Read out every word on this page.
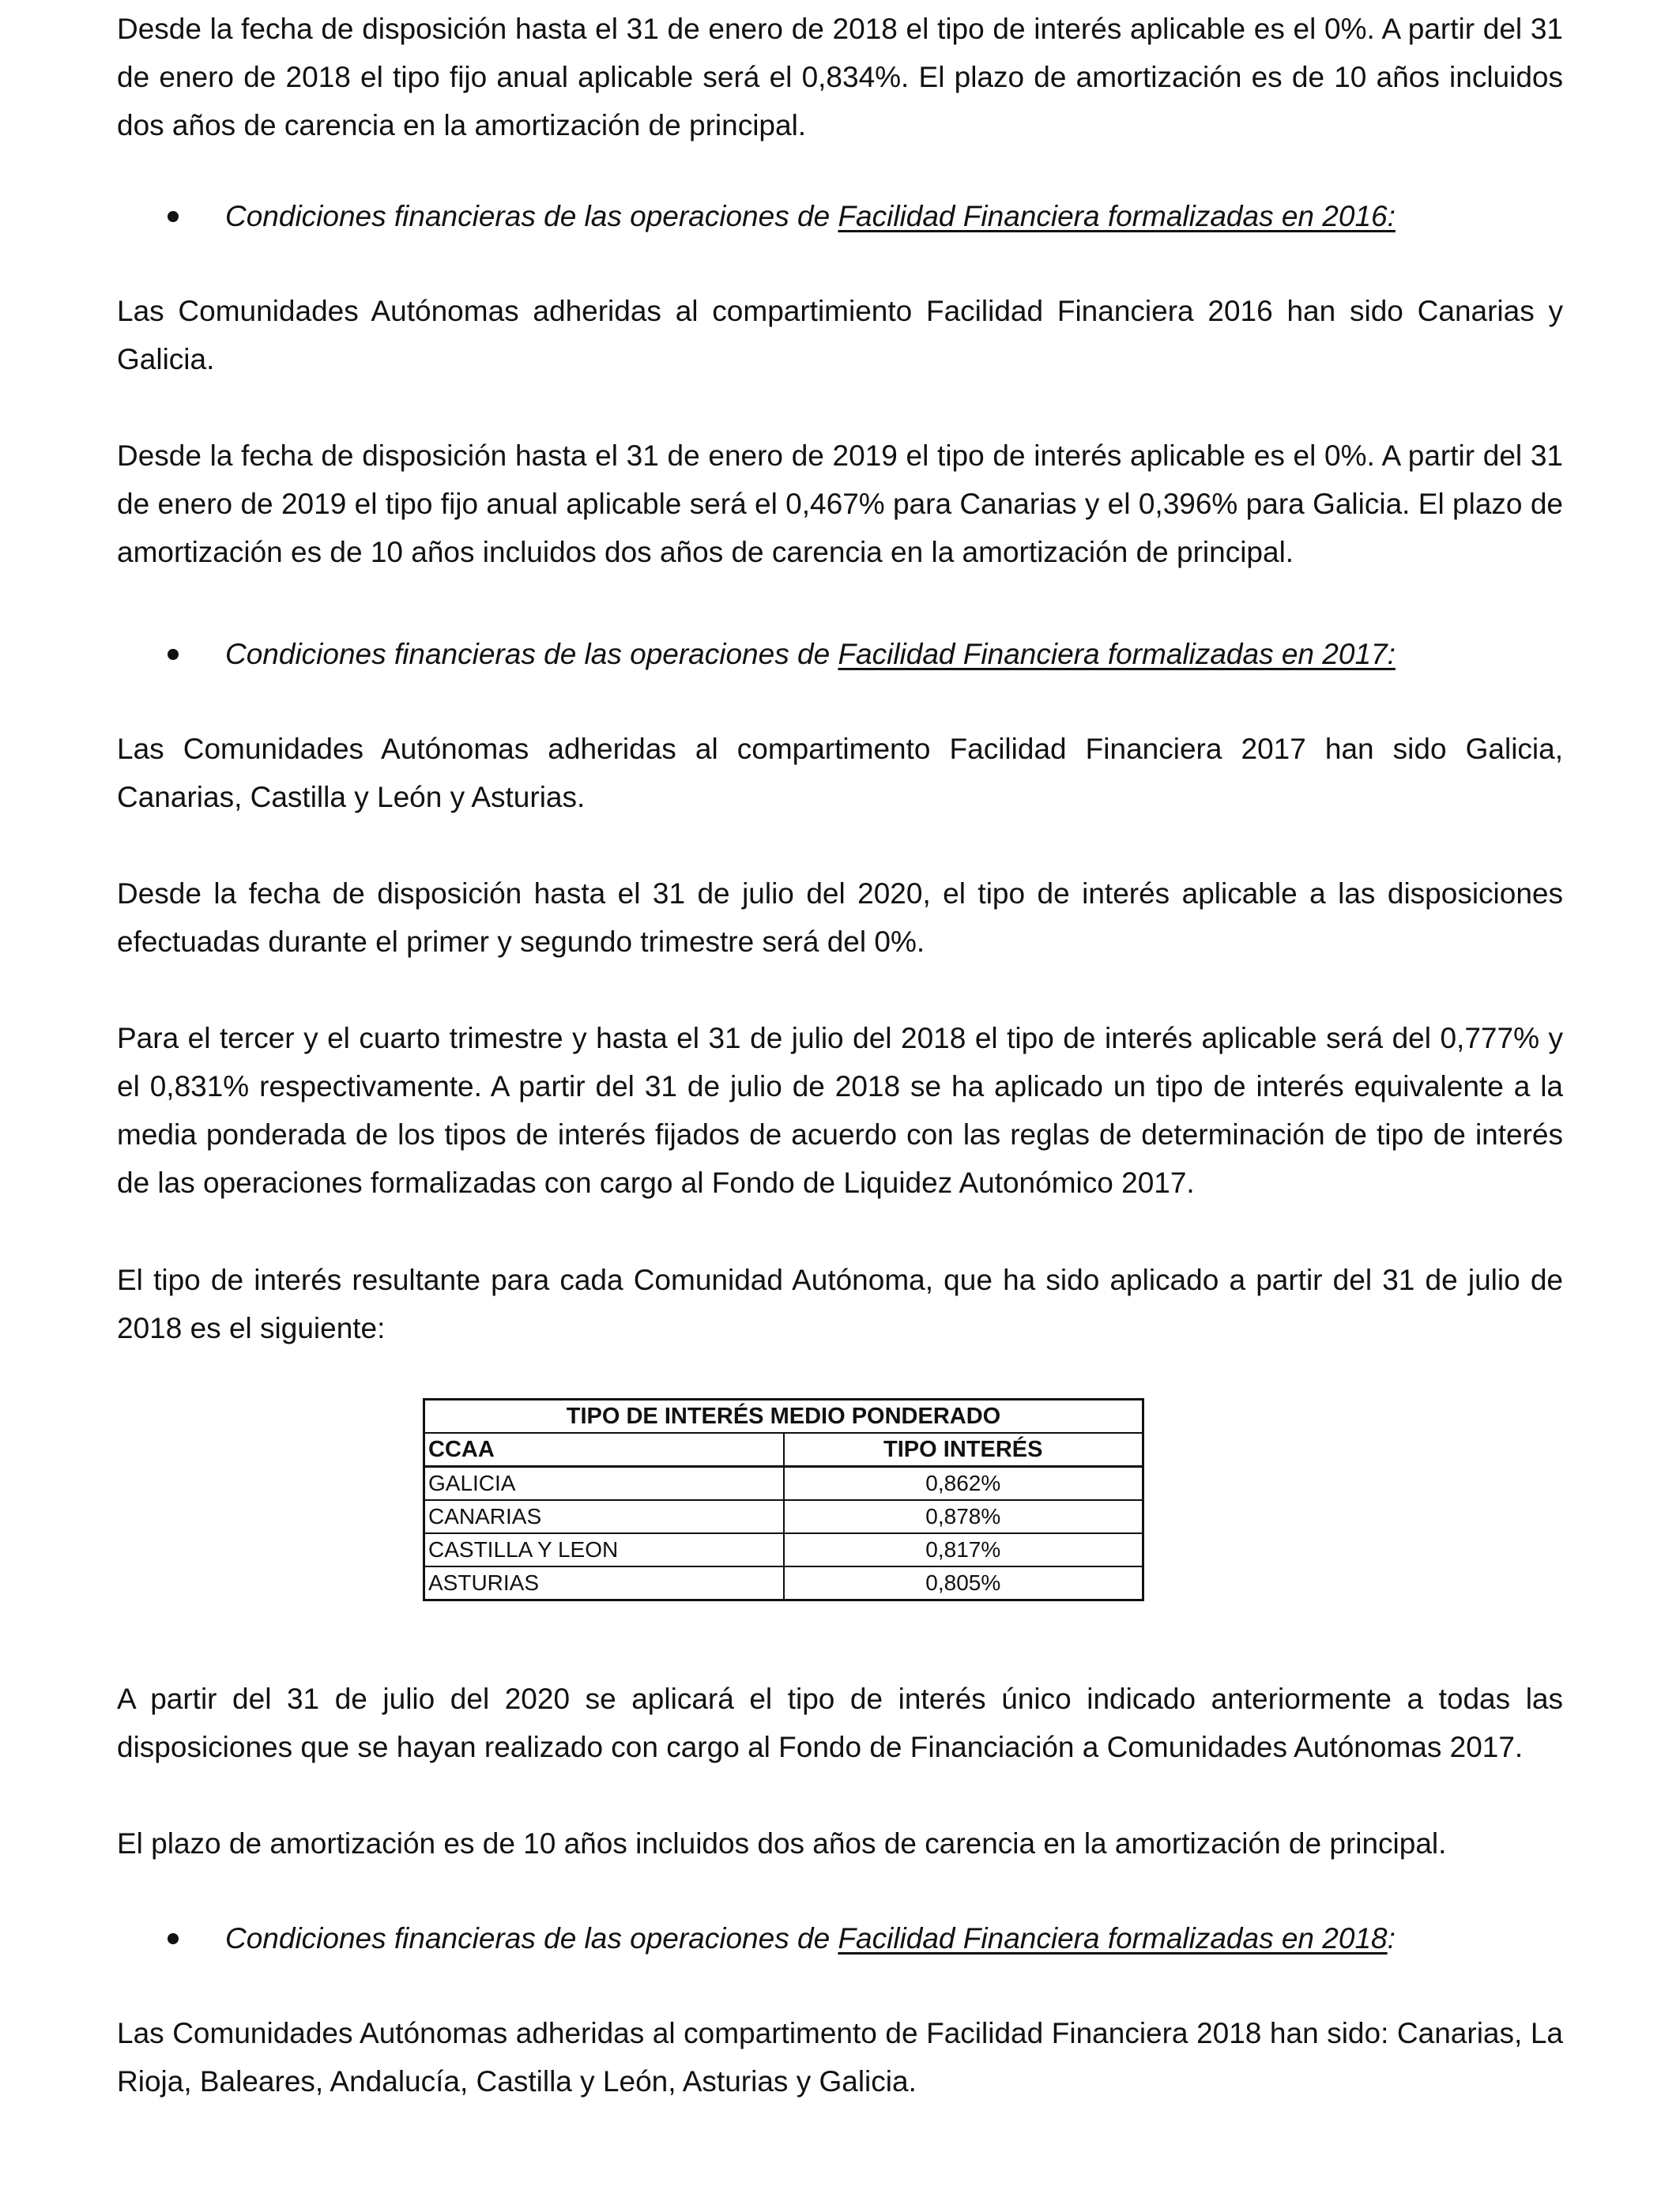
Desde la fecha de disposición hasta el 31 de enero de 2018 el tipo de interés aplicable es el 0%. A partir del 31 de enero de 2018 el tipo fijo anual aplicable será el 0,834%. El plazo de amortización es de 10 años incluidos dos años de carencia en la amortización de principal.

Condiciones financieras de las operaciones de Facilidad Financiera formalizadas en 2016:

Las Comunidades Autónomas adheridas al compartimiento Facilidad Financiera 2016 han sido Canarias y Galicia.

Desde la fecha de disposición hasta el 31 de enero de 2019 el tipo de interés aplicable es el 0%. A partir del 31 de enero de 2019 el tipo fijo anual aplicable será el 0,467% para Canarias y el 0,396% para Galicia. El plazo de amortización es de 10 años incluidos dos años de carencia en la amortización de principal.

Condiciones financieras de las operaciones de Facilidad Financiera formalizadas en 2017:

Las Comunidades Autónomas adheridas al compartimento Facilidad Financiera 2017 han sido Galicia, Canarias, Castilla y León y Asturias.

Desde la fecha de disposición hasta el 31 de julio del 2020, el tipo de interés aplicable a las disposiciones efectuadas durante el primer y segundo trimestre será del 0%.

Para el tercer y el cuarto trimestre y hasta el 31 de julio del 2018 el tipo de interés aplicable será del 0,777% y el 0,831% respectivamente. A partir del 31 de julio de 2018 se ha aplicado un tipo de interés equivalente a la media ponderada de los tipos de interés fijados de acuerdo con las reglas de determinación de tipo de interés de las operaciones formalizadas con cargo al Fondo de Liquidez Autonómico 2017.

El tipo de interés resultante para cada Comunidad Autónoma, que ha sido aplicado a partir del 31 de julio de 2018 es el siguiente:

TIPO DE INTERÉS MEDIO PONDERADO	
CCAA	TIPO INTERÉS
GALICIA	0,862%
CANARIAS	0,878%
CASTILLA Y LEON	0,817%
ASTURIAS	0,805%

A partir del 31 de julio del 2020 se aplicará el tipo de interés único indicado anteriormente a todas las disposiciones que se hayan realizado con cargo al Fondo de Financiación a Comunidades Autónomas 2017.

El plazo de amortización es de 10 años incluidos dos años de carencia en la amortización de principal.

Condiciones financieras de las operaciones de Facilidad Financiera formalizadas en 2018:

Las Comunidades Autónomas adheridas al compartimento de Facilidad Financiera 2018 han sido: Canarias, La Rioja, Baleares, Andalucía, Castilla y León, Asturias y Galicia.
